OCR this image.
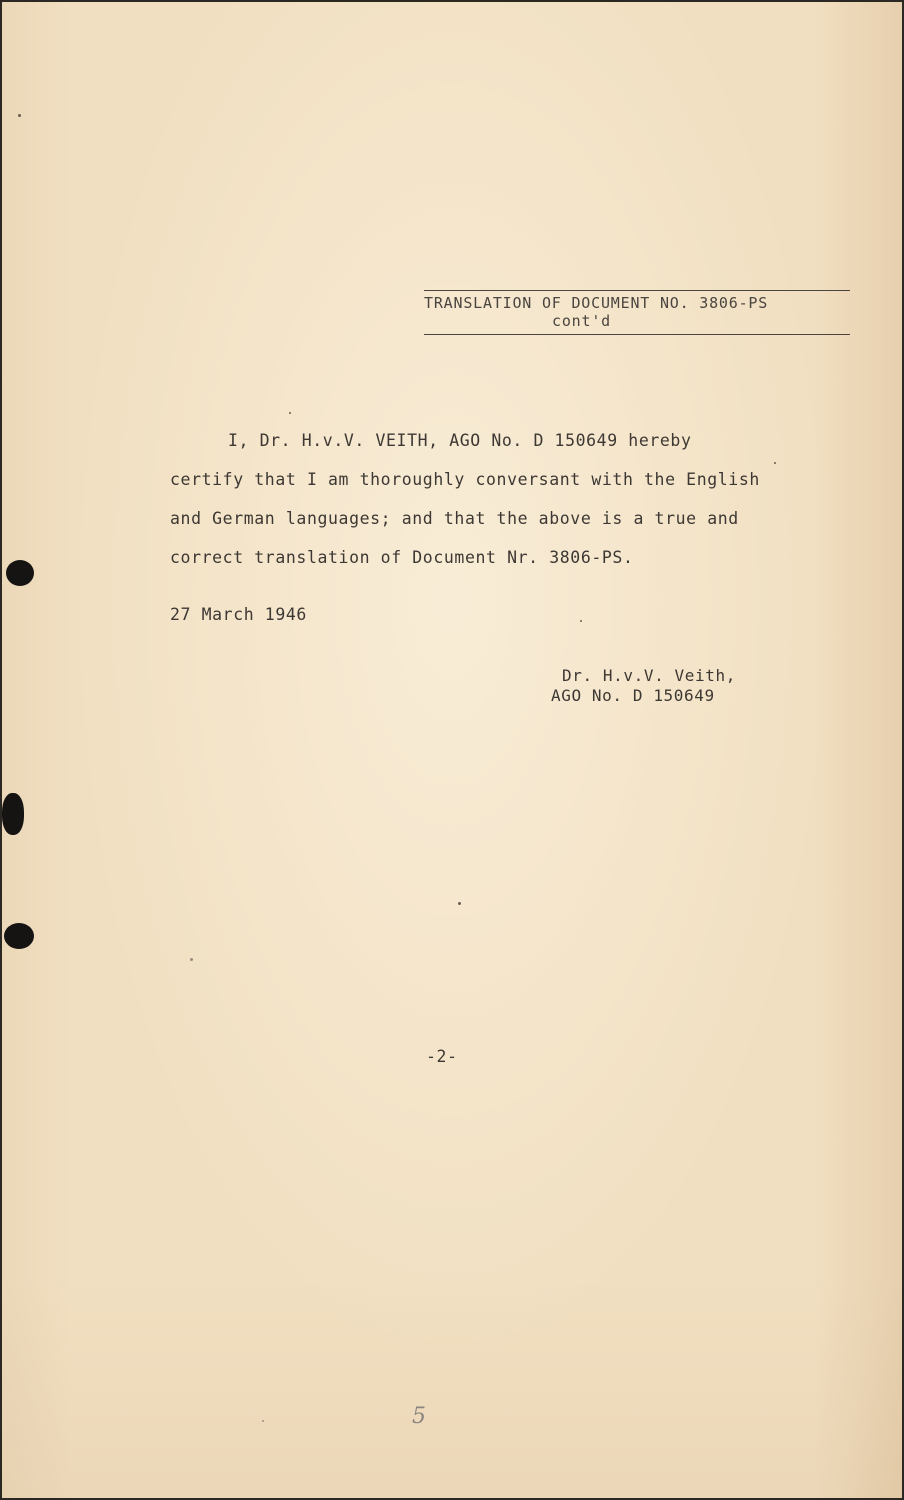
TRANSLATION OF DOCUMENT NO. 3806-PS
cont'd
I, Dr. H.v.V. VEITH, AGO No. D 150649 hereby
certify that I am thoroughly conversant with the English
and German languages; and that the above is a true and
correct translation of Document Nr. 3806-PS.
27 March 1946
Dr. H.v.V. Veith,
AGO No. D 150649
-2-
5
